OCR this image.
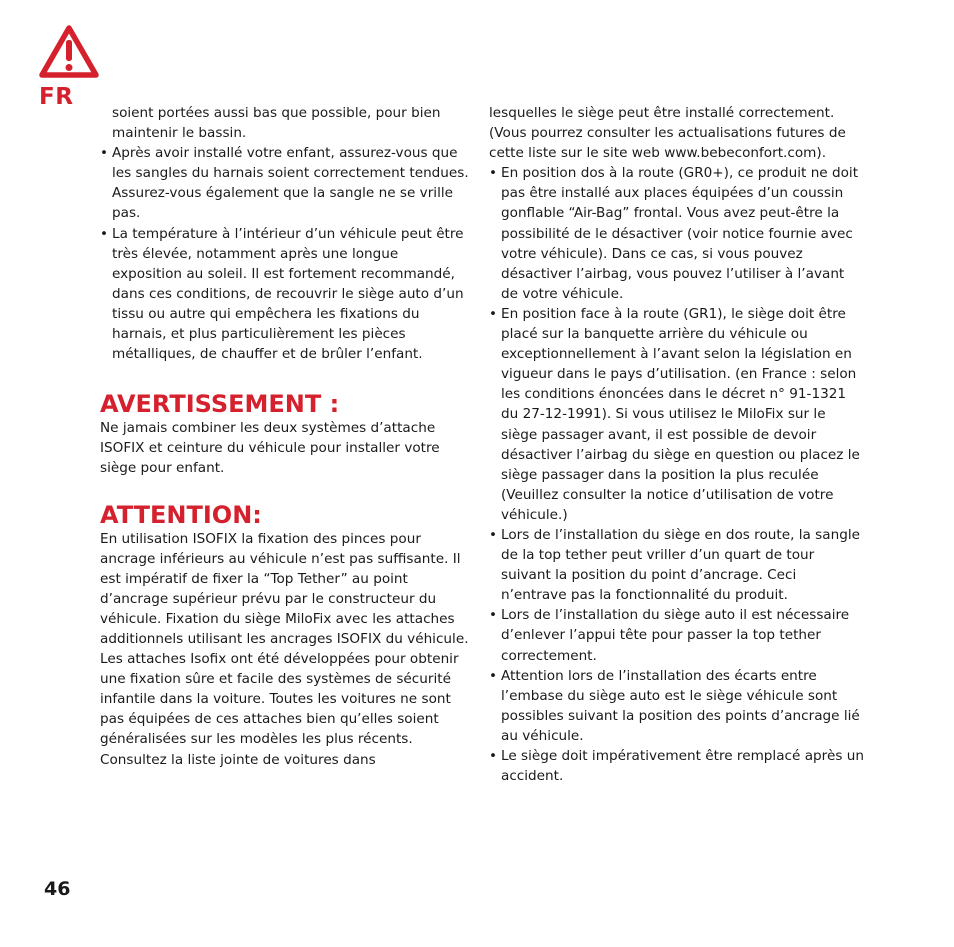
FR

soient portées aussi bas que possible, pour bien maintenir le bassin.

• Après avoir installé votre enfant, assurez-vous que les sangles du harnais soient correctement tendues. Assurez-vous également que la sangle ne se vrille pas.
• La température à l’intérieur d’un véhicule peut être très élevée, notamment après une longue exposition au soleil. Il est fortement recommandé, dans ces conditions, de recouvrir le siège auto d’un tissu ou autre qui empêchera les fixations du harnais, et plus particulièrement les pièces métalliques, de chauffer et de brûler l’enfant.
AVERTISSEMENT :

Ne jamais combiner les deux systèmes d’attache ISOFIX et ceinture du véhicule pour installer votre siège pour enfant.

ATTENTION:

En utilisation ISOFIX la fixation des pinces pour ancrage inférieurs au véhicule n’est pas suffisante. Il est impératif de fixer la “Top Tether” au point d’ancrage supérieur prévu par le constructeur du véhicule. Fixation du siège MiloFix avec les attaches additionnels utilisant les ancrages ISOFIX du véhicule.

Les attaches Isofix ont été développées pour obtenir une fixation sûre et facile des systèmes de sécurité infantile dans la voiture. Toutes les voitures ne sont pas équipées de ces attaches bien qu’elles soient généralisées sur les modèles les plus récents. Consultez la liste jointe de voitures dans

lesquelles le siège peut être installé correctement. (Vous pourrez consulter les actualisations futures de cette liste sur le site web www.bebeconfort.com).

• En position dos à la route (GR0+), ce produit ne doit pas être installé aux places équipées d’un coussin gonflable “Air-Bag” frontal. Vous avez peut-être la possibilité de le désactiver (voir notice fournie avec votre véhicule). Dans ce cas, si vous pouvez désactiver l’airbag, vous pouvez l’utiliser à l’avant de votre véhicule.
• En position face à la route (GR1), le siège doit être placé sur la banquette arrière du véhicule ou exceptionnellement à l’avant selon la législation en vigueur dans le pays d’utilisation. (en France : selon les conditions énoncées dans le décret n° 91-1321 du 27-12-1991). Si vous utilisez le MiloFix sur le siège passager avant, il est possible de devoir désactiver l’airbag du siège en question ou placez le siège passager dans la position la plus reculée (Veuillez consulter la notice d’utilisation de votre véhicule.)
• Lors de l’installation du siège en dos route, la sangle de la top tether peut vriller d’un quart de tour suivant la position du point d’ancrage. Ceci n’entrave pas la fonctionnalité du produit.
• Lors de l’installation du siège auto il est nécessaire d’enlever l’appui tête pour passer la top tether correctement.
• Attention lors de l’installation des écarts entre l’embase du siège auto est le siège véhicule sont possibles suivant la position des points d’ancrage lié au véhicule.
• Le siège doit impérativement être remplacé après un accident.
46
